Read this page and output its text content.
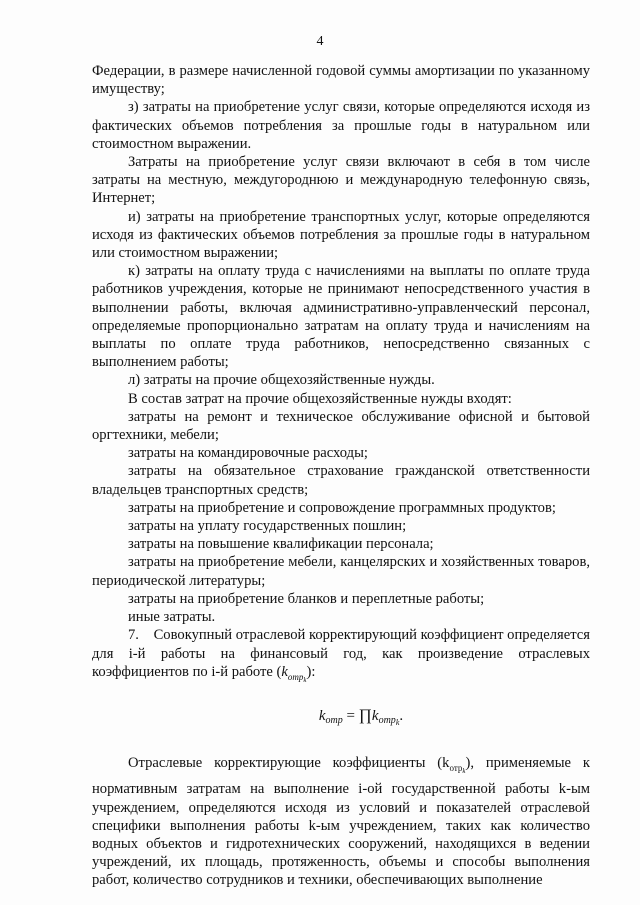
4

Федерации, в размере начисленной годовой суммы амортизации по указанному имуществу;

з) затраты на приобретение услуг связи, которые определяются исходя из фактических объемов потребления за прошлые годы в натуральном или стоимостном выражении.

Затраты на приобретение услуг связи включают в себя в том числе затраты на местную, междугороднюю и международную телефонную связь, Интернет;

и) затраты на приобретение транспортных услуг, которые определяются исходя из фактических объемов потребления за прошлые годы в натуральном или стоимостном выражении;

к) затраты на оплату труда с начислениями на выплаты по оплате труда работников учреждения, которые не принимают непосредственного участия в выполнении работы, включая административно-управленческий персонал, определяемые пропорционально затратам на оплату труда и начислениям на выплаты по оплате труда работников, непосредственно связанных с выполнением работы;

л) затраты на прочие общехозяйственные нужды.

В состав затрат на прочие общехозяйственные нужды входят:

затраты на ремонт и техническое обслуживание офисной и бытовой оргтехники, мебели;

затраты на командировочные расходы;

затраты на обязательное страхование гражданской ответственности владельцев транспортных средств;

затраты на приобретение и сопровождение программных продуктов;

затраты на уплату государственных пошлин;

затраты на повышение квалификации персонала;

затраты на приобретение мебели, канцелярских и хозяйственных товаров, периодической литературы;

затраты на приобретение бланков и переплетные работы;

иные затраты.

7. Совокупный отраслевой корректирующий коэффициент определяется для i-й работы на финансовый год, как произведение отраслевых коэффициентов по i-й работе $(k_{отрk})$:

$k_{отр}$ = $\prod k_{отрk}$.

Отраслевые корректирующие коэффициенты $(k_{отрk})$, применяемые к нормативным затратам на выполнение i-ой государственной работы k-ым учреждением, определяются исходя из условий и показателей отраслевой специфики выполнения работы k-ым учреждением, таких как количество водных объектов и гидротехнических сооружений, находящихся в ведении учреждений, их площадь, протяженность, объемы и способы выполнения работ, количество сотрудников и техники, обеспечивающих выполнение
